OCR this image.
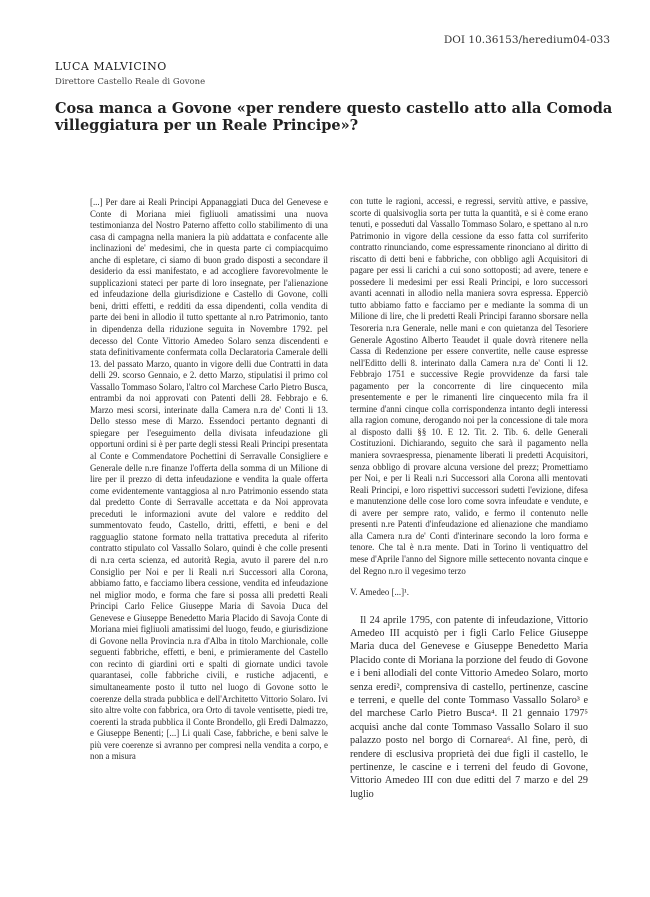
DOI 10.36153/heredium04-033
LUCA MALVICINO
Direttore Castello Reale di Govone
Cosa manca a Govone «per rendere questo castello atto alla Comoda villeggiatura per un Reale Principe»?

[...] Per dare ai Reali Principi Appanaggiati Duca del Genevese e Conte di Moriana miei figliuoli amatissimi una nuova testimonianza del Nostro Paterno affetto collo stabilimento di una casa di campagna nella maniera la più addattata e confacente alle inclinazioni de' medesimi, che in questa parte ci compiacquimo anche di espletare, ci siamo di buon grado disposti a secondare il desiderio da essi manifestato, e ad accogliere favorevolmente le supplicazioni stateci per parte di loro insegnate, per l'alienazione ed infeudazione della giurisdizione e Castello di Govone, colli beni, dritti effetti, e redditi da essa dipendenti, colla vendita di parte dei beni in allodio il tutto spettante al n.ro Patrimonio, tanto in dipendenza della riduzione seguita in Novembre 1792. pel decesso del Conte Vittorio Amedeo Solaro senza discendenti e stata definitivamente confermata colla Declaratoria Camerale delli 13. del passato Marzo, quanto in vigore delli due Contratti in data delli 29. scorso Gennaio, e 2. detto Marzo, stipulatisi il primo col Vassallo Tommaso Solaro, l'altro col Marchese Carlo Pietro Busca, entrambi da noi approvati con Patenti delli 28. Febbrajo e 6. Marzo mesi scorsi, interinate dalla Camera n.ra de' Conti li 13. Dello stesso mese di Marzo. Essendoci pertanto degnanti di spiegare per l'eseguimento della divisata infeudazione gli opportuni ordini si è per parte degli stessi Reali Principi presentata al Conte e Commendatore Pochettini di Serravalle Consigliere e Generale delle n.re finanze l'offerta della somma di un Milione di lire per il prezzo di detta infeudazione e vendita la quale offerta come evidentemente vantaggiosa al n.ro Patrimonio essendo stata dal predetto Conte di Serravalle accettata e da Noi approvata preceduti le informazioni avute del valore e reddito del summentovato feudo, Castello, dritti, effetti, e beni e del ragguaglio statone formato nella trattativa preceduta al riferito contratto stipulato col Vassallo Solaro, quindi è che colle presenti di n.ra certa scienza, ed autorità Regia, avuto il parere del n.ro Consiglio per Noi e per li Reali n.ri Successori alla Corona, abbiamo fatto, e facciamo libera cessione, vendita ed infeudazione nel miglior modo, e forma che fare si possa alli predetti Reali Principi Carlo Felice Giuseppe Maria di Savoia Duca del Genevese e Giuseppe Benedetto Maria Placido di Savoja Conte di Moriana miei figliuoli amatissimi del luogo, feudo, e giurisdizione di Govone nella Provincia n.ra d'Alba in titolo Marchionale, colle seguenti fabbriche, effetti, e beni, e primieramente del Castello con recinto di giardini orti e spalti di giornate undici tavole quarantasei, colle fabbriche civili, e rustiche adjacenti, e simultaneamente posto il tutto nel luogo di Govone sotto le coerenze della strada pubblica e dell'Architetto Vittorio Solaro. Ivi sito altre volte con fabbrica, ora Orto di tavole ventisette, piedi tre, coerenti la strada pubblica il Conte Brondello, gli Eredi Dalmazzo, e Giuseppe Benenti; [...] Li quali Case, fabbriche, e beni salve le più vere coerenze si avranno per compresi nella vendita a corpo, e non a misura

con tutte le ragioni, accessi, e regressi, servitù attive, e passive, scorte di qualsivoglia sorta per tutta la quantità, e si è come erano tenuti, e posseduti dal Vassallo Tommaso Solaro, e spettano al n.ro Patrimonio in vigore della cessione da esso fatta col surriferito contratto rinunciando, come espressamente rinonciano al diritto di riscatto di detti beni e fabbriche, con obbligo agli Acquisitori di pagare per essi li carichi a cui sono sottoposti; ad avere, tenere e possedere li medesimi per essi Reali Principi, e loro successori avanti acennati in allodio nella maniera sovra espressa. Epperciò tutto abbiamo fatto e facciamo per e mediante la somma di un Milione di lire, che li predetti Reali Principi faranno sborsare nella Tesoreria n.ra Generale, nelle mani e con quietanza del Tesoriere Generale Agostino Alberto Teaudet il quale dovrà ritenere nella Cassa di Redenzione per essere convertite, nelle cause espresse nell'Editto delli 8. interinato dalla Camera n.ra de' Conti li 12. Febbrajo 1751 e successive Regie provvidenze da farsi tale pagamento per la concorrente di lire cinquecento mila presentemente e per le rimanenti lire cinquecento mila fra il termine d'anni cinque colla corrispondenza intanto degli interessi alla ragion comune, derogando noi per la concessione di tale mora al disposto dalli §§ 10. E 12. Tit. 2. Tib. 6. delle Generali Costituzioni. Dichiarando, seguito che sarà il pagamento nella maniera sovraespressa, pienamente liberati li predetti Acquisitori, senza obbligo di provare alcuna versione del prezz; Promettiamo per Noi, e per li Reali n.ri Successori alla Corona alli mentovati Reali Principi, e loro rispettivi successori sudetti l'evizione, difesa e manutenzione delle cose loro come sovra infeudate e vendute, e di avere per sempre rato, valido, e fermo il contenuto nelle presenti n.re Patenti d'infeudazione ed alienazione che mandiamo alla Camera n.ra de' Conti d'interinare secondo la loro forma e tenore. Che tal è n.ra mente. Dati in Torino li ventiquattro del mese d'Aprile l'anno del Signore mille settecento novanta cinque e del Regno n.ro il vegesimo terzo

V. Amedeo [...]¹.

Il 24 aprile 1795, con patente di infeudazione, Vittorio Amedeo III acquistò per i figli Carlo Felice Giuseppe Maria duca del Genevese e Giuseppe Benedetto Maria Placido conte di Moriana la porzione del feudo di Govone e i beni allodiali del conte Vittorio Amedeo Solaro, morto senza eredi², comprensiva di castello, pertinenze, cascine e terreni, e quelle del conte Tommaso Vassallo Solaro³ e del marchese Carlo Pietro Busca⁴. Il 21 gennaio 1797⁵ acquisì anche dal conte Tommaso Vassallo Solaro il suo palazzo posto nel borgo di Cornarea⁶. Al fine, però, di rendere di esclusiva proprietà dei due figli il castello, le pertinenze, le cascine e i terreni del feudo di Govone, Vittorio Amedeo III con due editti del 7 marzo e del 29 luglio
